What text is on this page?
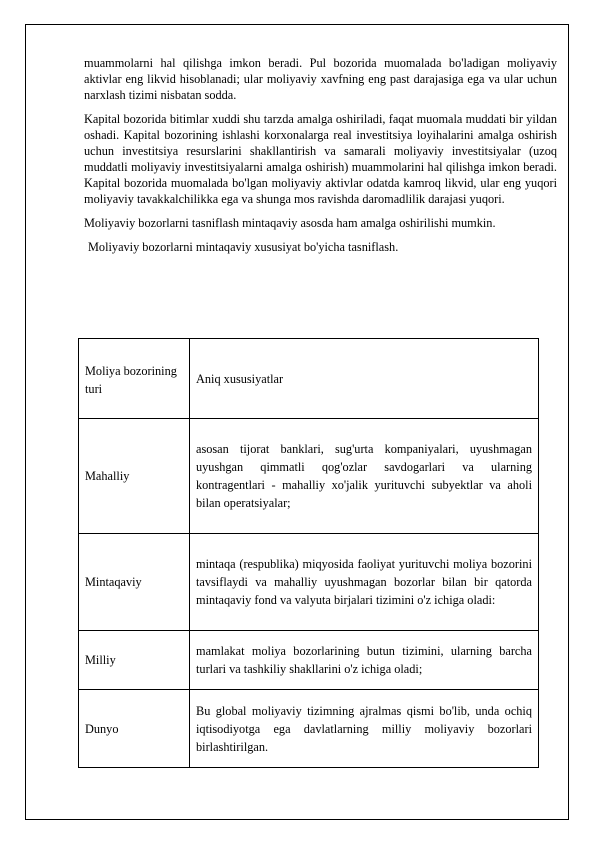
muammolarni hal qilishga imkon beradi. Pul bozorida muomalada bo'ladigan moliyaviy aktivlar eng likvid hisoblanadi; ular moliyaviy xavfning eng past darajasiga ega va ular uchun narxlash tizimi nisbatan sodda.

Kapital bozorida bitimlar xuddi shu tarzda amalga oshiriladi, faqat muomala muddati bir yildan oshadi. Kapital bozorining ishlashi korxonalarga real investitsiya loyihalarini amalga oshirish uchun investitsiya resurslarini shakllantirish va samarali moliyaviy investitsiyalar (uzoq muddatli moliyaviy investitsiyalarni amalga oshirish) muammolarini hal qilishga imkon beradi. Kapital bozorida muomalada bo'lgan moliyaviy aktivlar odatda kamroq likvid, ular eng yuqori moliyaviy tavakkalchilikka ega va shunga mos ravishda daromadlilik darajasi yuqori.

Moliyaviy bozorlarni tasniflash mintaqaviy asosda ham amalga oshirilishi mumkin.

Moliyaviy bozorlarni mintaqaviy xususiyat bo'yicha tasniflash.

Moliya bozorining turi	Aniq xususiyatlar
Mahalliy	asosan tijorat banklari, sug'urta kompaniyalari, uyushmagan uyushgan qimmatli qog'ozlar savdogarlari va ularning kontragentlari - mahalliy xo'jalik yurituvchi subyektlar va aholi bilan operatsiyalar;
Mintaqaviy	mintaqa (respublika) miqyosida faoliyat yurituvchi moliya bozorini tavsiflaydi va mahalliy uyushmagan bozorlar bilan bir qatorda mintaqaviy fond va valyuta birjalari tizimini o'z ichiga oladi:
Milliy	mamlakat moliya bozorlarining butun tizimini, ularning barcha turlari va tashkiliy shakllarini o'z ichiga oladi;
Dunyo	Bu global moliyaviy tizimning ajralmas qismi bo'lib, unda ochiq iqtisodiyotga ega davlatlarning milliy moliyaviy bozorlari birlashtirilgan.
